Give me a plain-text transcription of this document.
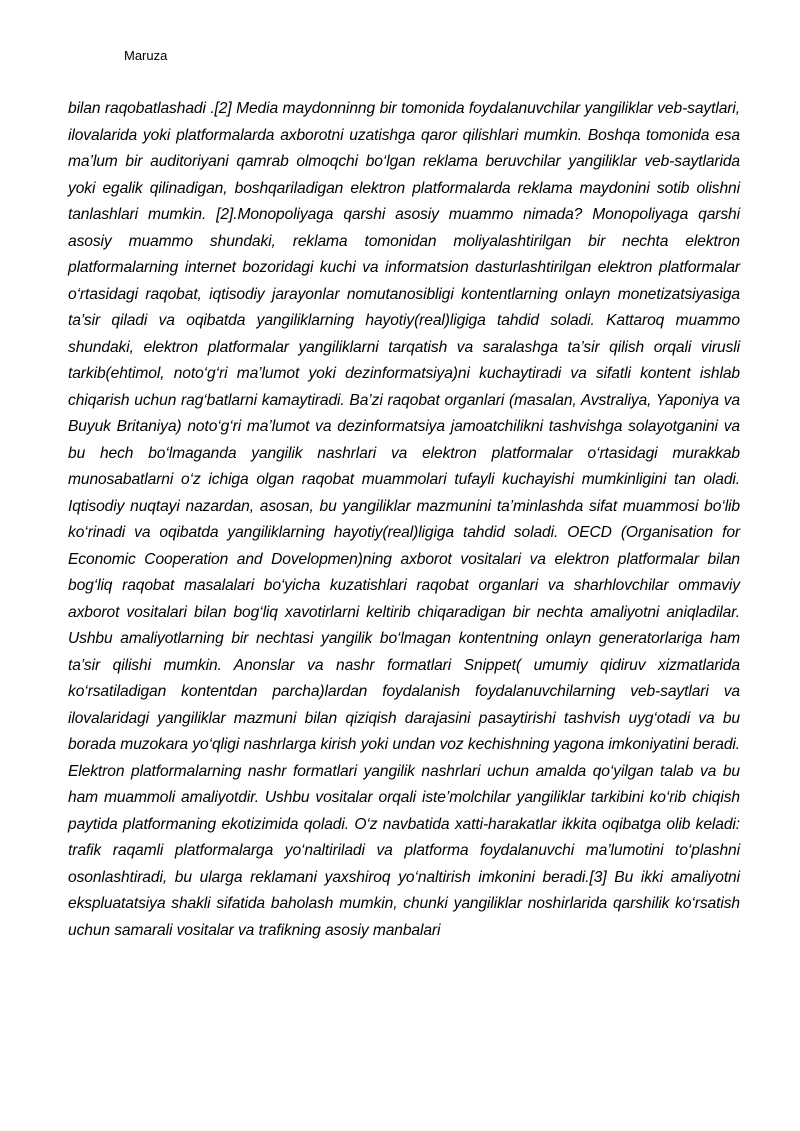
Maruza

bilan raqobatlashadi .[2] Media maydonninng bir tomonida foydalanuvchilar yangiliklar veb-saytlari, ilovalarida yoki platformalarda axborotni uzatishga qaror qilishlari mumkin. Boshqa tomonida esa ma’lum bir auditoriyani qamrab olmoqchi bo‘lgan reklama beruvchilar yangiliklar veb-saytlarida yoki egalik qilinadigan, boshqariladigan elektron platformalarda reklama maydonini sotib olishni tanlashlari mumkin. [2].Monopoliyaga qarshi asosiy muammo nimada? Monopoliyaga qarshi asosiy muammo shundaki, reklama tomonidan moliyalashtirilgan bir nechta elektron platformalarning internet bozoridagi kuchi va informatsion dasturlashtirilgan elektron platformalar o‘rtasidagi raqobat, iqtisodiy jarayonlar nomutanosibligi kontentlarning onlayn monetizatsiyasiga ta’sir qiladi va oqibatda yangiliklarning hayotiy(real)ligiga tahdid soladi. Kattaroq muammo shundaki, elektron platformalar yangiliklarni tarqatish va saralashga ta’sir qilish orqali virusli tarkib(ehtimol, noto‘g‘ri ma’lumot yoki dezinformatsiya)ni kuchaytiradi va sifatli kontent ishlab chiqarish uchun rag‘batlarni kamaytiradi. Ba’zi raqobat organlari (masalan, Avstraliya, Yaponiya va Buyuk Britaniya) noto‘g‘ri ma’lumot va dezinformatsiya jamoatchilikni tashvishga solayotganini va bu hech bo‘lmaganda yangilik nashrlari va elektron platformalar o‘rtasidagi murakkab munosabatlarni o‘z ichiga olgan raqobat muammolari tufayli kuchayishi mumkinligini tan oladi. Iqtisodiy nuqtayi nazardan, asosan, bu yangiliklar mazmunini ta’minlashda sifat muammosi bo‘lib ko‘rinadi va oqibatda yangiliklarning hayotiy(real)ligiga tahdid soladi. OECD (Organisation for Economic Cooperation and Dovelopmen)ning axborot vositalari va elektron platformalar bilan bog‘liq raqobat masalalari bo‘yicha kuzatishlari raqobat organlari va sharhlovchilar ommaviy axborot vositalari bilan bog‘liq xavotirlarni keltirib chiqaradigan bir nechta amaliyotni aniqladilar. Ushbu amaliyotlarning bir nechtasi yangilik bo‘lmagan kontentning onlayn generatorlariga ham ta’sir qilishi mumkin. Anonslar va nashr formatlari Snippet( umumiy qidiruv xizmatlarida ko‘rsatiladigan kontentdan parcha)lardan foydalanish foydalanuvchilarning veb-saytlari va ilovalaridagi yangiliklar mazmuni bilan qiziqish darajasini pasaytirishi tashvish uyg‘otadi va bu borada muzokara yo‘qligi nashrlarga kirish yoki undan voz kechishning yagona imkoniyatini beradi. Elektron platformalarning nashr formatlari yangilik nashrlari uchun amalda qo‘yilgan talab va bu ham muammoli amaliyotdir. Ushbu vositalar orqali iste’molchilar yangiliklar tarkibini ko‘rib chiqish paytida platformaning ekotizimida qoladi. O‘z navbatida xatti-harakatlar ikkita oqibatga olib keladi: trafik raqamli platformalarga yo‘naltiriladi va platforma foydalanuvchi ma’lumotini to‘plashni osonlashtiradi, bu ularga reklamani yaxshiroq yo‘naltirish imkonini beradi.[3] Bu ikki amaliyotni ekspluatatsiya shakli sifatida baholash mumkin, chunki yangiliklar noshirlarida qarshilik ko‘rsatish uchun samarali vositalar va trafikning asosiy manbalari
